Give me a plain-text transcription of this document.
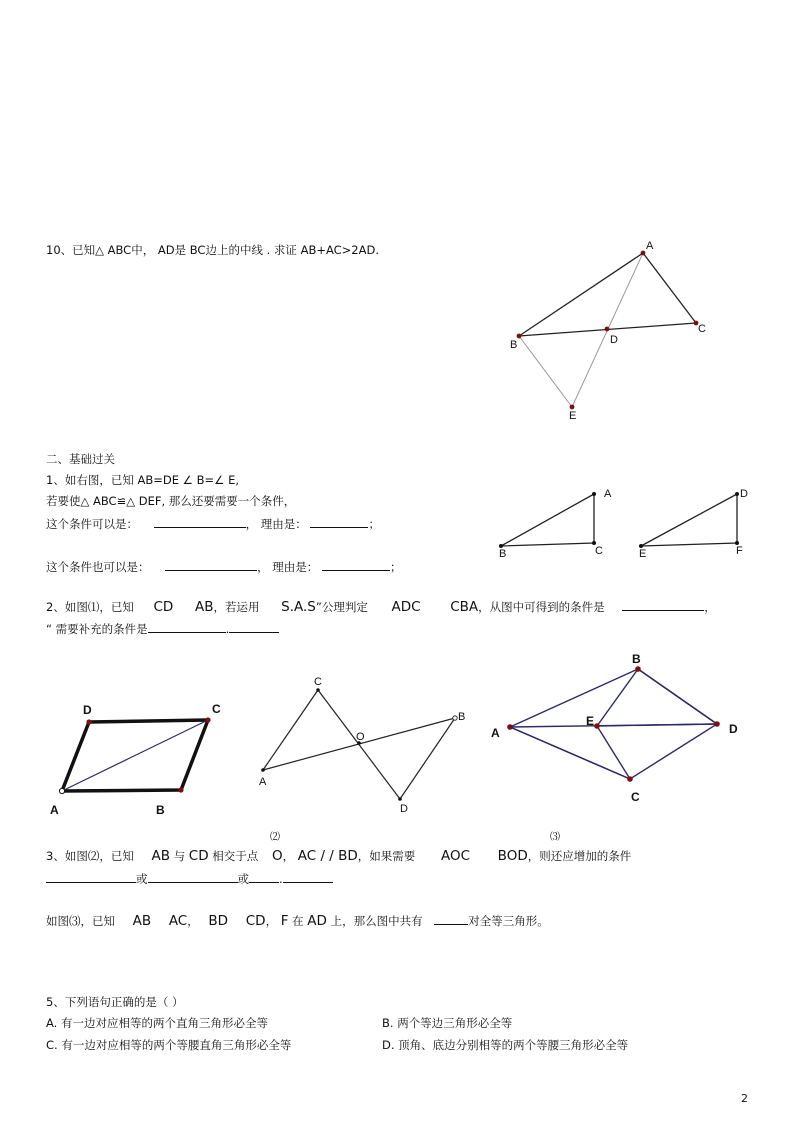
10、已知△ ABC中， AD是 BC边上的中线 . 求证 AB+AC>2AD.	A
B
C
D
E
二、基础过关
1、如右图，已知 AB=DE ∠ B=∠ E,
若要使△ ABC≌△ DEF, 那么还要需要一个条件，
这个条件可以是：	， 理由是：	；
这个条件也可以是：	， 理由是：	；
A
B	C
D
E	F
2、如图⑴，已知 CD AB，若运用 S.A.S”公理判定 ADC CBA，从图中可得到的条件是	，
“ 需要补充的条件是	.
D	C
A	B
C
O
B
A
D
⑵
B
E
A	D
C
⑶
3、如图⑵，已知 AB 与 CD 相交于点 O， AC / / BD，如果需要 AOC BOD，则还应增加的条件
或	或	.
如图⑶，已知 AB AC， BD CD， F 在 AD 上，那么图中共有	对全等三角形。
5、下列语句正确的是（ ）
A. 有一边对应相等的两个直角三角形必全等	B. 两个等边三角形必全等
C. 有一边对应相等的两个等腰直角三角形必全等	D. 顶角、底边分别相等的两个等腰三角形必全等
2
